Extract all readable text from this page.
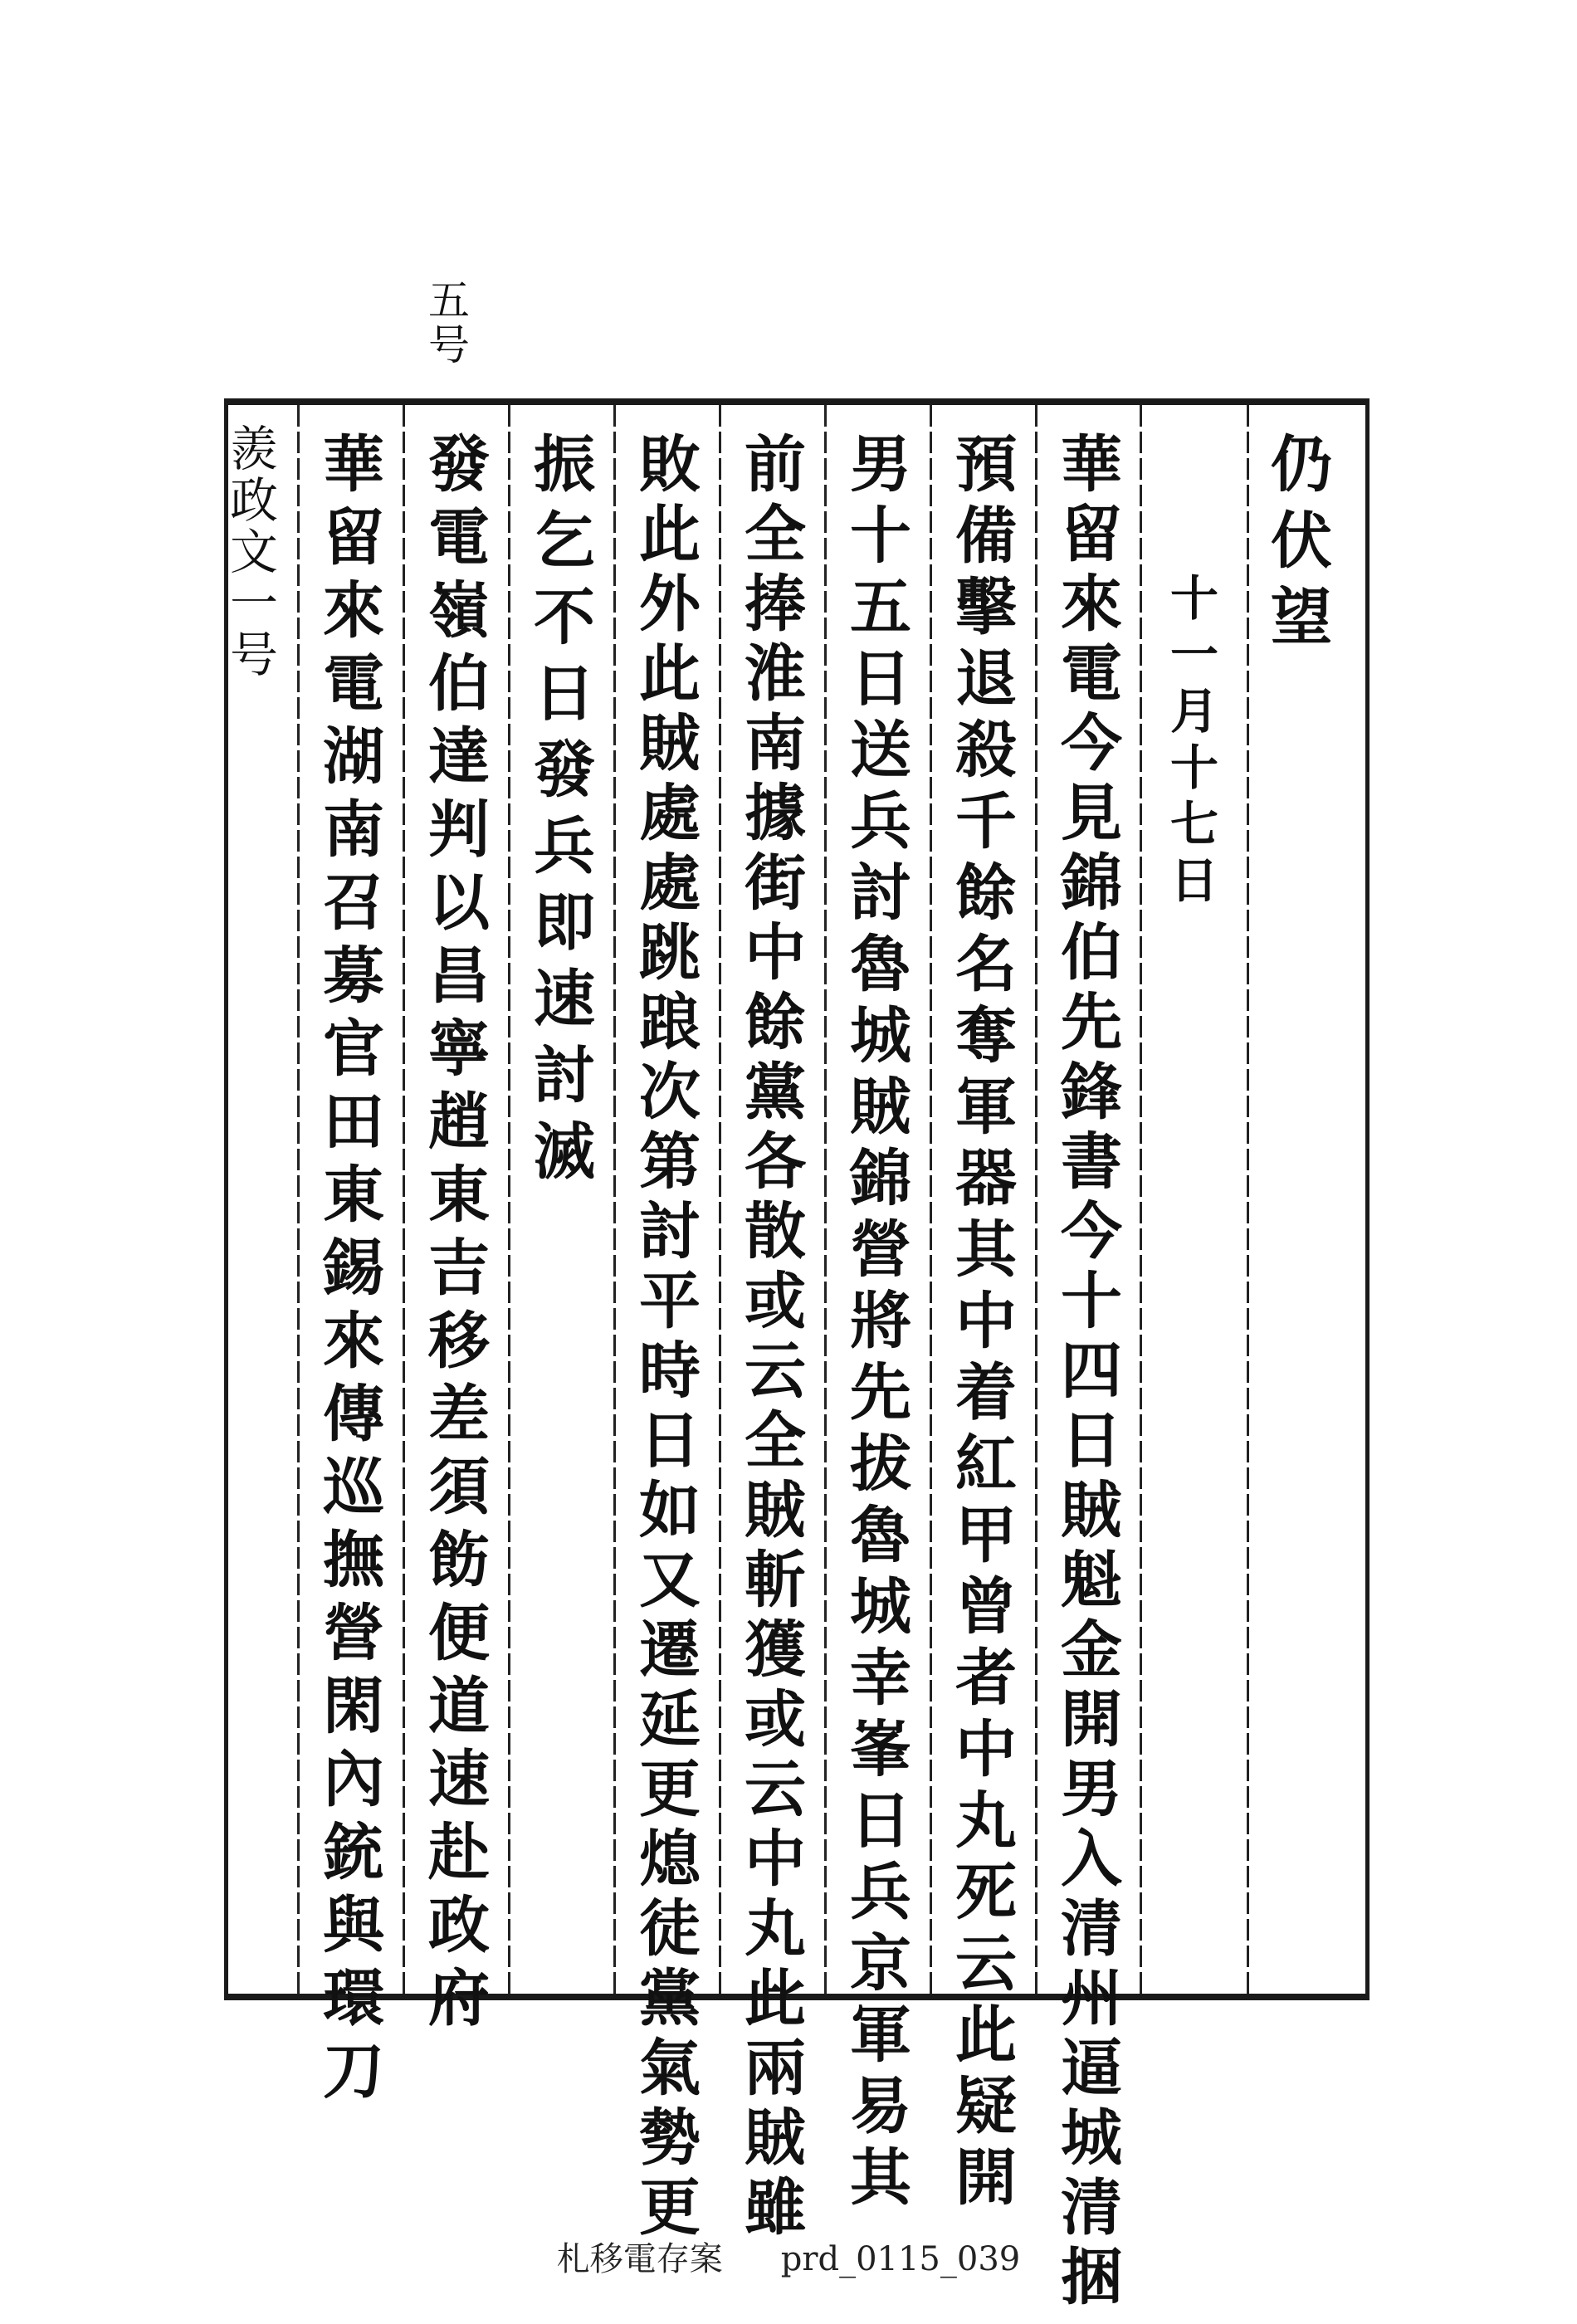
五号
羨政文一号	仍伏望
十一月十七日
華留來電今見錦伯先鋒書今十四日賊魁金開男入清州逼城清捆
預備擊退殺千餘名奪軍器其中着紅甲曾者中丸死云此疑開
男十五日送兵討魯城賊錦營將先拔魯城幸峯日兵京軍易其
前全捧淮南據街中餘黨各散或云全賊斬獲或云中丸此兩賊雖
敗此外此賊處處跳踉次第討平時日如又遷延更熄徒黨氣勢更
振乞不日發兵即速討滅
發電嶺伯達判以昌寧趙東吉移差須飭便道速赴政府
華留來電湖南召募官田東錫來傳巡撫營閑內銃與環刀
札移電存案 prd_0115_039
